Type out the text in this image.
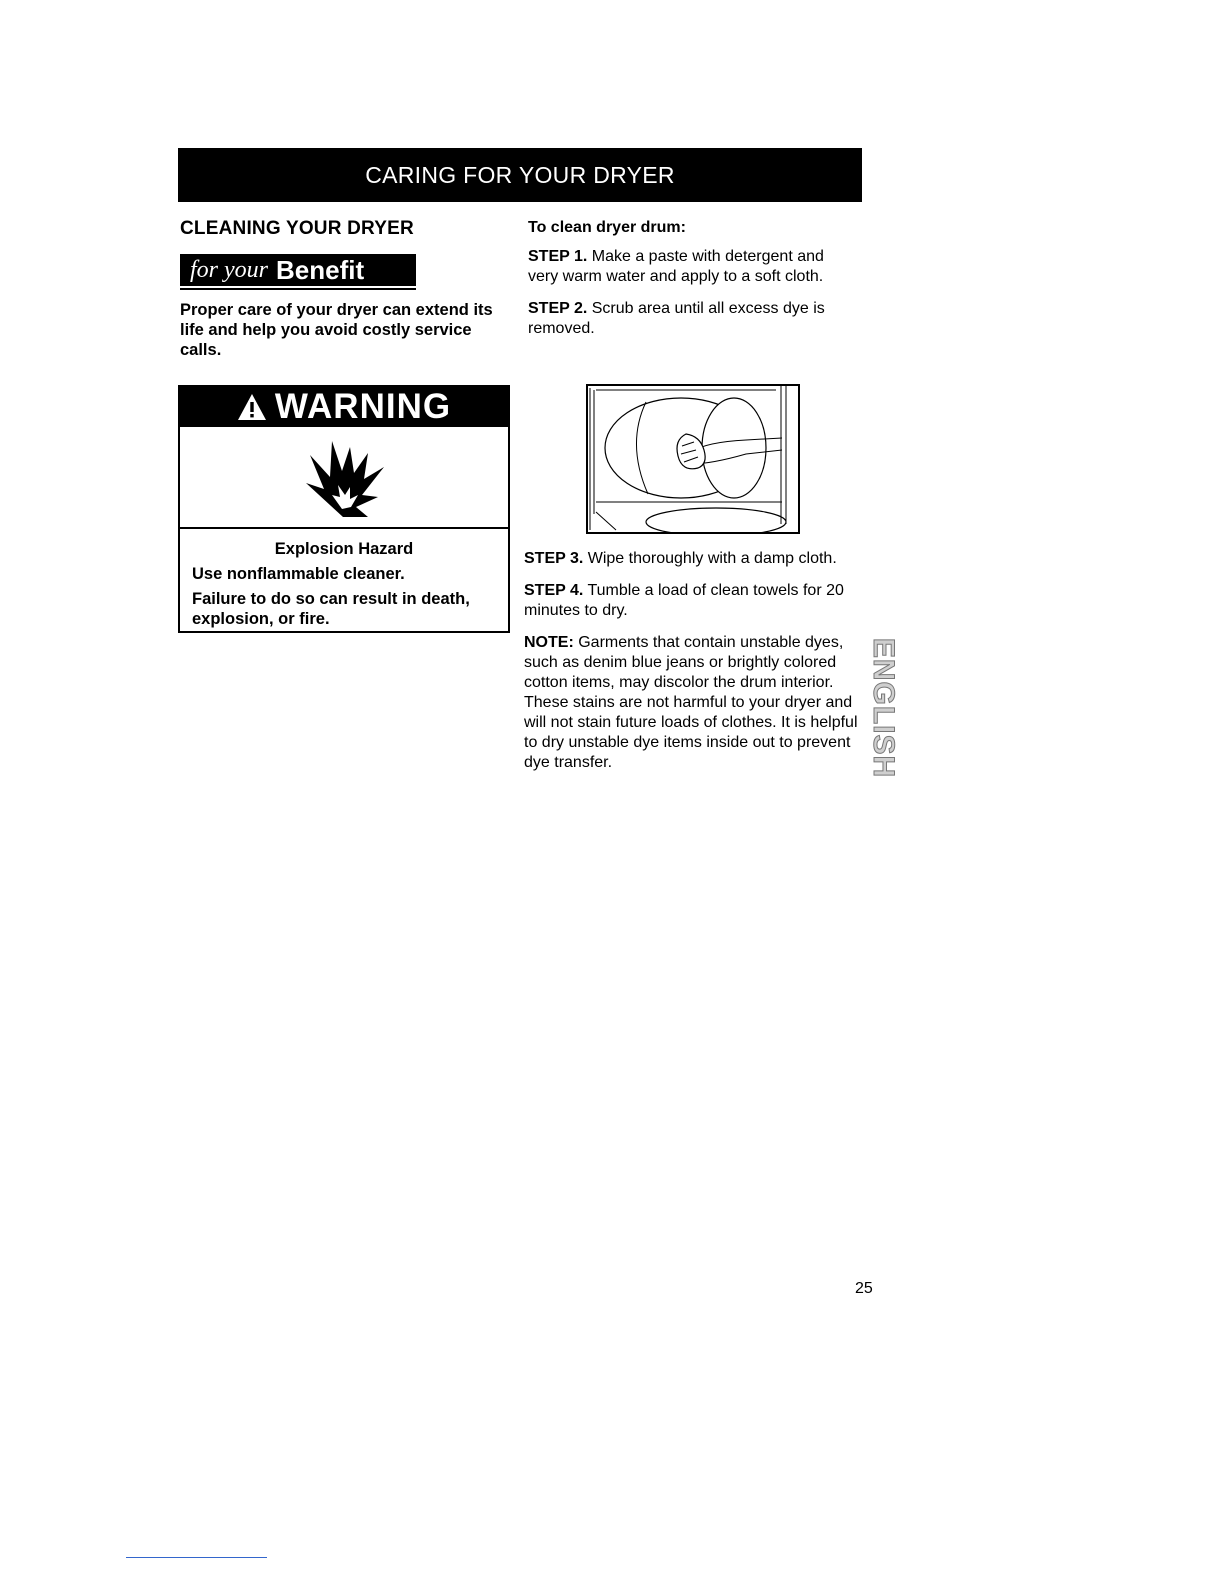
CARING FOR YOUR DRYER
CLEANING YOUR DRYER
for your Benefit
Proper care of your dryer can extend its life and help you avoid costly service calls.
WARNING
Explosion Hazard

Use nonflammable cleaner.

Failure to do so can result in death, explosion, or fire.

To clean dryer drum:
STEP 1. Make a paste with detergent and very warm water and apply to a soft cloth.
STEP 2. Scrub area until all excess dye is removed.
STEP 3. Wipe thoroughly with a damp cloth.
STEP 4. Tumble a load of clean towels for 20 minutes to dry.
NOTE: Garments that contain unstable dyes, such as denim blue jeans or brightly colored cotton items, may discolor the drum interior. These stains are not harmful to your dryer and will not stain future loads of clothes. It is helpful to dry unstable dye items inside out to prevent dye transfer.	ENGLISH
25
